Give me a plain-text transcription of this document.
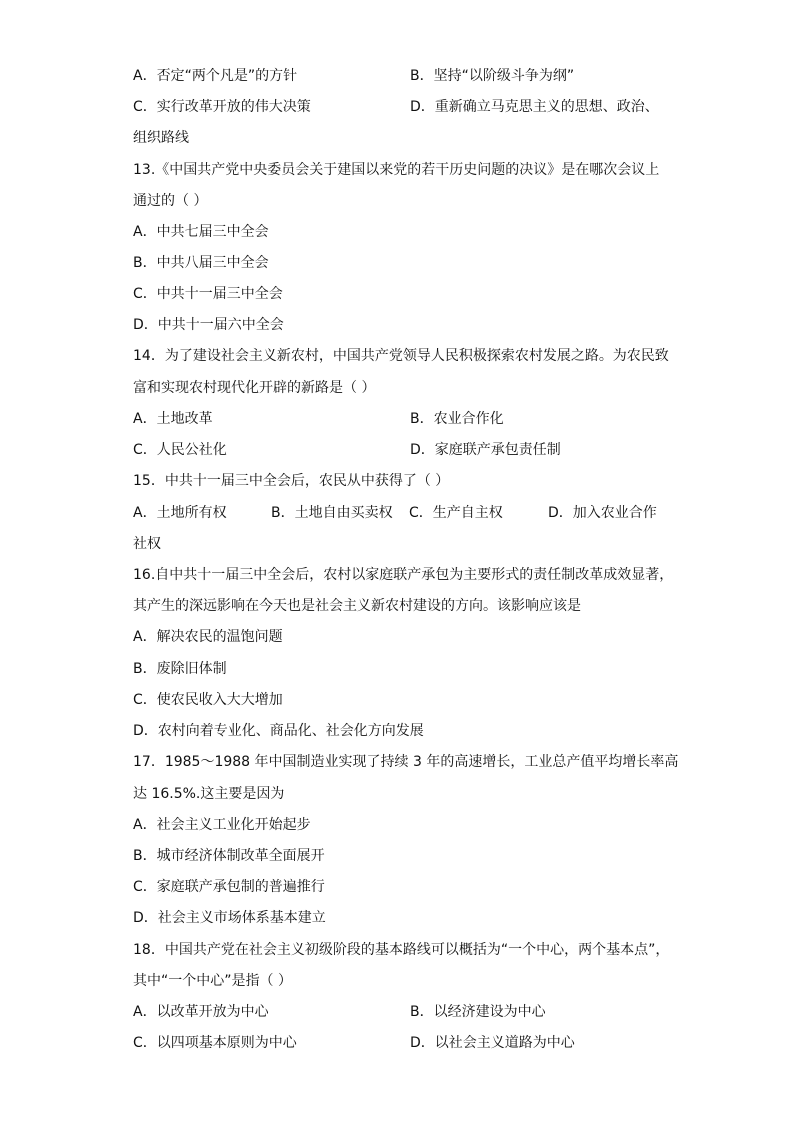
A．否定“两个凡是”的方针	B．坚持“以阶级斗争为纲”
C．实行改革开放的伟大决策	D．重新确立马克思主义的思想、政治、
组织路线
13.《中国共产党中央委员会关于建国以来党的若干历史问题的决议》是在哪次会议上
通过的（ ）
A．中共七届三中全会
B．中共八届三中全会
C．中共十一届三中全会
D．中共十一届六中全会
14．为了建设社会主义新农村，中国共产党领导人民积极探索农村发展之路。为农民致
富和实现农村现代化开辟的新路是（ ）
A．土地改革	B．农业合作化
C．人民公社化	D．家庭联产承包责任制
15．中共十一届三中全会后，农民从中获得了（ ）
A．土地所有权	B．土地自由买卖权 C．生产自主权	D．加入农业合作
社权
16.自中共十一届三中全会后，农村以家庭联产承包为主要形式的责任制改革成效显著，
其产生的深远影响在今天也是社会主义新农村建设的方向。该影响应该是
A．解决农民的温饱问题
B．废除旧体制
C．使农民收入大大增加
D．农村向着专业化、商品化、社会化方向发展
17．1985～1988 年中国制造业实现了持续 3 年的高速增长，工业总产值平均增长率高
达 16.5%.这主要是因为
A．社会主义工业化开始起步
B．城市经济体制改革全面展开
C．家庭联产承包制的普遍推行
D．社会主义市场体系基本建立
18．中国共产党在社会主义初级阶段的基本路线可以概括为“一个中心，两个基本点”，
其中“一个中心”是指（ ）
A．以改革开放为中心	B．以经济建设为中心
C．以四项基本原则为中心	D．以社会主义道路为中心
